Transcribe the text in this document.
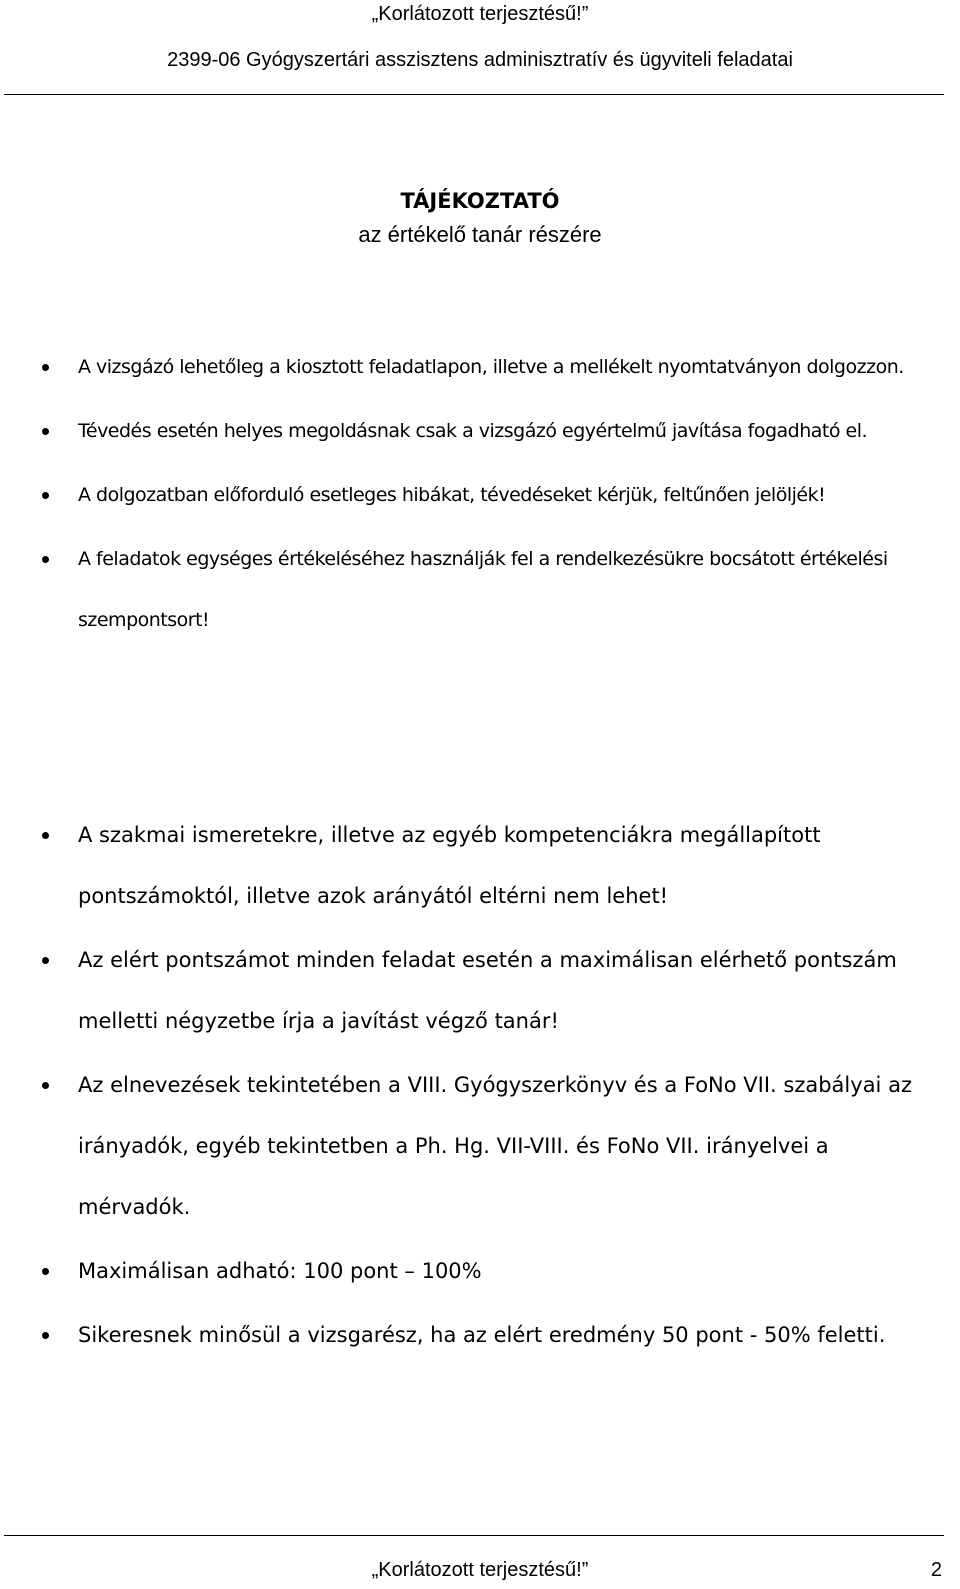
„Korlátozott terjesztésű!”
2399-06 Gyógyszertári asszisztens adminisztratív és ügyviteli feladatai
TÁJÉKOZTATÓ
az értékelő tanár részére
A vizsgázó lehetőleg a kiosztott feladatlapon, illetve a mellékelt nyomtatványon dolgozzon.
Tévedés esetén helyes megoldásnak csak a vizsgázó egyértelmű javítása fogadható el.
A dolgozatban előforduló esetleges hibákat, tévedéseket kérjük, feltűnően jelöljék!
A feladatok egységes értékeléséhez használják fel a rendelkezésükre bocsátott értékelési szempontsort!
A szakmai ismeretekre, illetve az egyéb kompetenciákra megállapított pontszámoktól, illetve azok arányától eltérni nem lehet!
Az elért pontszámot minden feladat esetén a maximálisan elérhető pontszám melletti négyzetbe írja a javítást végző tanár!
Az elnevezések tekintetében a VIII. Gyógyszerkönyv és a FoNo VII. szabályai az irányadók, egyéb tekintetben a Ph. Hg. VII-VIII. és FoNo VII. irányelvei a mérvadók.
Maximálisan adható: 100 pont – 100%
Sikeresnek minősül a vizsgarész, ha az elért eredmény 50 pont - 50% feletti.
„Korlátozott terjesztésű!”	2
